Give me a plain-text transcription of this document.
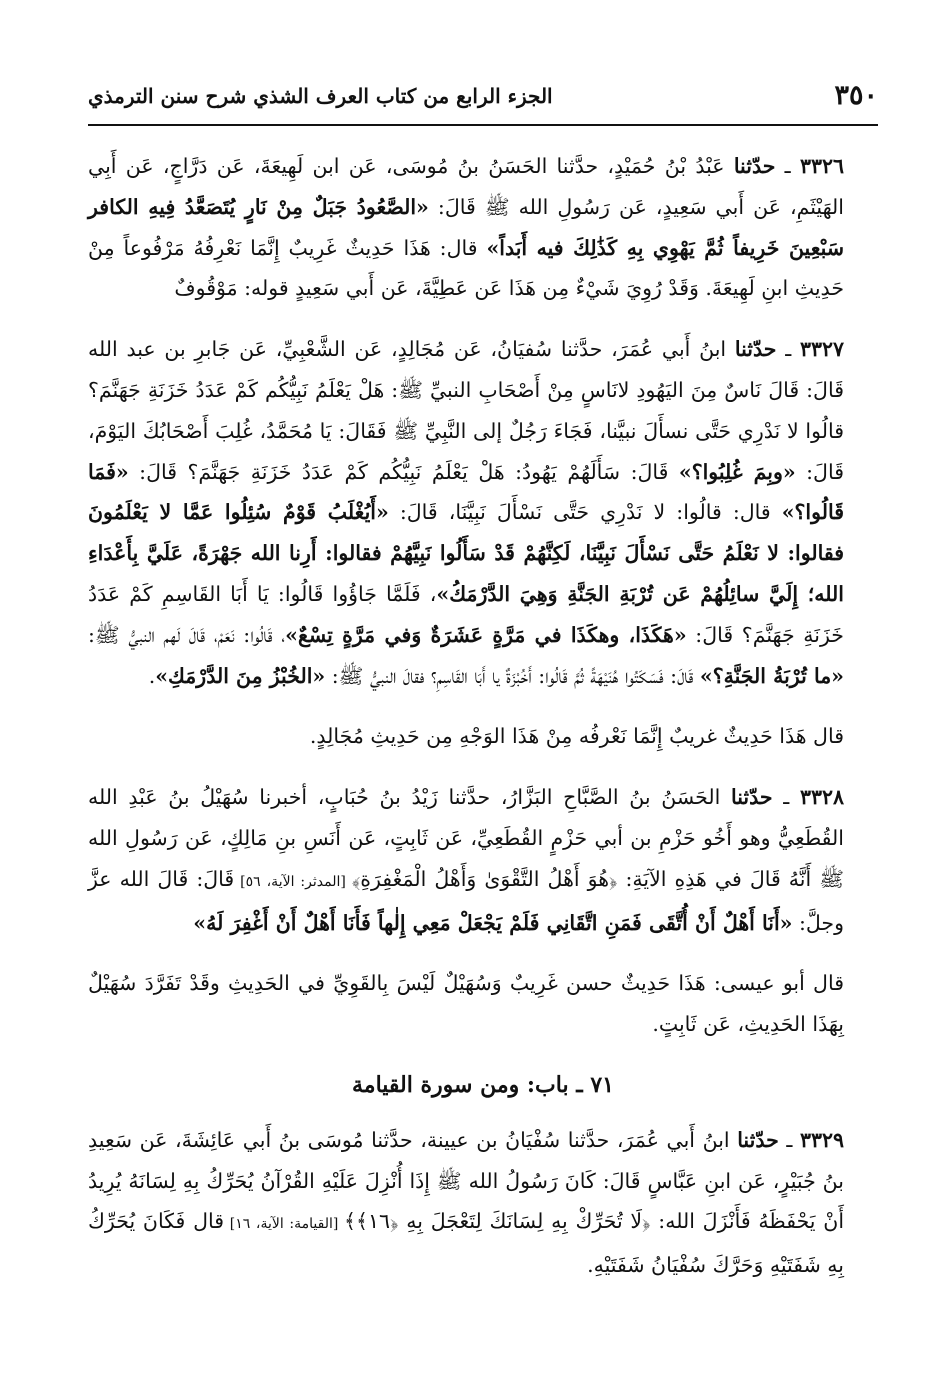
٣٥٠
الجزء الرابع من كتاب العرف الشذي شرح سنن الترمذي

٣٣٢٦ ـ حدّثنا عَبْدُ بْنُ حُمَيْدٍ، حدَّثنا الحَسَنُ بنُ مُوسَى، عَن ابن لَهِيعَةَ، عَن دَرَّاجٍ، عَن أَبِي الهَيْثَمِ، عَن أَبي سَعِيدٍ، عَن رَسُولِ الله ﷺ قَالَ: «الصَّعُودُ جَبَلٌ مِنْ نَارٍ يُتَصَعَّدُ فِيهِ الكافر سَبْعِينَ خَرِيفاً ثُمَّ يَهْوِي بِهِ كَذَٰلِكَ فيه أَبَداً» قال: هَذَا حَدِيثٌ غَرِيبٌ إِنَّمَا نَعْرِفُهُ مَرْفُوعاً مِنْ حَدِيثِ ابنِ لَهِيعَةَ. وَقَدْ رُوِيَ شَيْءٌ مِن هَذَا عَن عَطِيَّةَ، عَن أَبي سَعِيدٍ قوله: مَوْقُوفٌ

٣٣٢٧ ـ حدّثنا ابنُ أَبي عُمَرَ، حدَّثنا سُفيَانُ، عَن مُجَالِدٍ، عَن الشَّعْبِيِّ، عَن جَابرِ بن عبد الله قَالَ: قَالَ نَاسٌ مِنَ اليَهُودِ لانَاسٍ مِنْ أَصْحَابِ النبيِّ ﷺ: هَلْ يَعْلَمُ نَبِيُّكُم كَمْ عَدَدُ خَزَنَةِ جَهَنَّمَ؟ قالُوا لا نَدْرِي حَتَّى نسأَلَ نبيَّنا، فَجَاءَ رَجُلٌ إلى النَّبِيِّ ﷺ فَقَالَ: يَا مُحَمَّدُ، غُلِبَ أَصْحَابُكَ اليَوْمَ، قَالَ: «وبِمَ غُلِبُوا؟» قَالَ: سَأَلَهُمْ يَهُودُ: هَلْ يَعْلَمُ نَبِيُّكُم كَمْ عَدَدُ خَزَنَةِ جَهَنَّمَ؟ قَالَ: «فَمَا قَالُوا؟» قال: قالُوا: لا نَدْرِي حَتَّى نَسْأَلَ نَبِيَّنَا، قَالَ: «أَيُغْلَبُ قَوْمٌ سُئِلُوا عَمَّا لا يَعْلَمُونَ فقالوا: لا نَعْلَمُ حَتَّى نَسْأَلَ نَبِيَّنَا، لَكِنَّهُمْ قَدْ سَأَلُوا نَبِيَّهُمْ فقالوا: أَرِنا الله جَهْرَةً، عَلَيَّ بِأَعْدَاءِ الله؛ إِلَيَّ سائِلُهُمْ عَن تُرْبَةِ الجَنَّةِ وَهِيَ الدَّرْمَكُ»، فَلَمَّا جَاؤُوا قَالُوا: يَا أَبَا القَاسِمِ كَمْ عَدَدُ خَزَنَةِ جَهَنَّمَ؟ قَالَ: «هَكَذَا، وهكَذَا في مَرَّةٍ عَشَرَةٌ وَفي مَرَّةٍ تِسْعٌ»، قَالُوا: نَعَمْ، قَالَ لَهم النبيُّ ﷺ: «ما تُرْبَةُ الجَنَّةِ؟» قَالَ: فَسَكَتُوا هُنَيْهَةً ثُمَّ قَالُوا: أَخُبْزَةٌ يا أَبَا القَاسِمِ؟ فقالَ النبيُّ ﷺ: «الخُبْزُ مِنَ الدَّرْمَكِ».

قال هَذَا حَدِيثٌ غريبٌ إِنَّمَا نَعْرفُه مِنْ هَذَا الوَجْهِ مِن حَدِيثِ مُجَالِدٍ.

٣٣٢٨ ـ حدّثنا الحَسَنُ بنُ الصَّبَّاحِ البَزَّارُ، حدَّثنا زَيْدُ بنُ حُبَابٍ، أخبرنا سُهَيْلُ بنُ عَبْدِ الله القُطَعِيُّ وهو أَخُو حَزْمِ بن أبي حَزْمٍ القُطَعِيِّ، عَن ثَابِتٍ، عَن أَنَسِ بنِ مَالِكٍ، عَن رَسُولِ الله ﷺ أَنَّهُ قَالَ في هَذِهِ الآيَةِ: ﴿هُوَ أَهْلُ التَّقْوَىٰ وَأَهْلُ الْمَغْفِرَةِ﴾ [المدثر: الآية، ٥٦] قَالَ: قَالَ الله عزَّ وجلَّ: «أَنَا أَهْلٌ أَنْ أُتَّقَى فَمَنِ اتَّقَانِي فَلَمْ يَجْعَلْ مَعِي إِلٰهاً فَأَنَا أَهْلٌ أَنْ أَغْفِرَ لَهُ»

قال أبو عيسى: هَذَا حَدِيثٌ حسن غَرِيبٌ وَسُهَيْلٌ لَيْسَ بِالقَوِيِّ في الحَدِيثِ وقَدْ تَفَرَّدَ سُهَيْلٌ بِهَذَا الحَدِيثِ، عَن ثَابِتٍ.

٧١ ـ باب: ومن سورة القيامة

٣٣٢٩ ـ حدّثنا ابنُ أَبي عُمَرَ، حدَّثنا سُفْيَانُ بن عيينة، حدَّثنا مُوسَى بنُ أَبي عَائِشَةَ، عَن سَعِيدِ بنُ جُبَيْرٍ، عَن ابنِ عَبَّاسٍ قَالَ: كَانَ رَسُولُ الله ﷺ إِذَا أُنْزِلَ عَلَيْهِ القُرْآنُ يُحَرِّكُ بِهِ لِسَانَهُ يُرِيدُ أَنْ يَحْفَظَهُ فَأَنْزَلَ الله: ﴿لَا تُحَرِّكْ بِهِ لِسَانَكَ لِتَعْجَلَ بِهِ ﴿١٦﴾﴾ [القيامة: الآية، ١٦] قال فَكَانَ يُحَرِّكُ بِهِ شَفَتَيْهِ وَحَرَّكَ سُفْيَانُ شَفَتَيْهِ.
